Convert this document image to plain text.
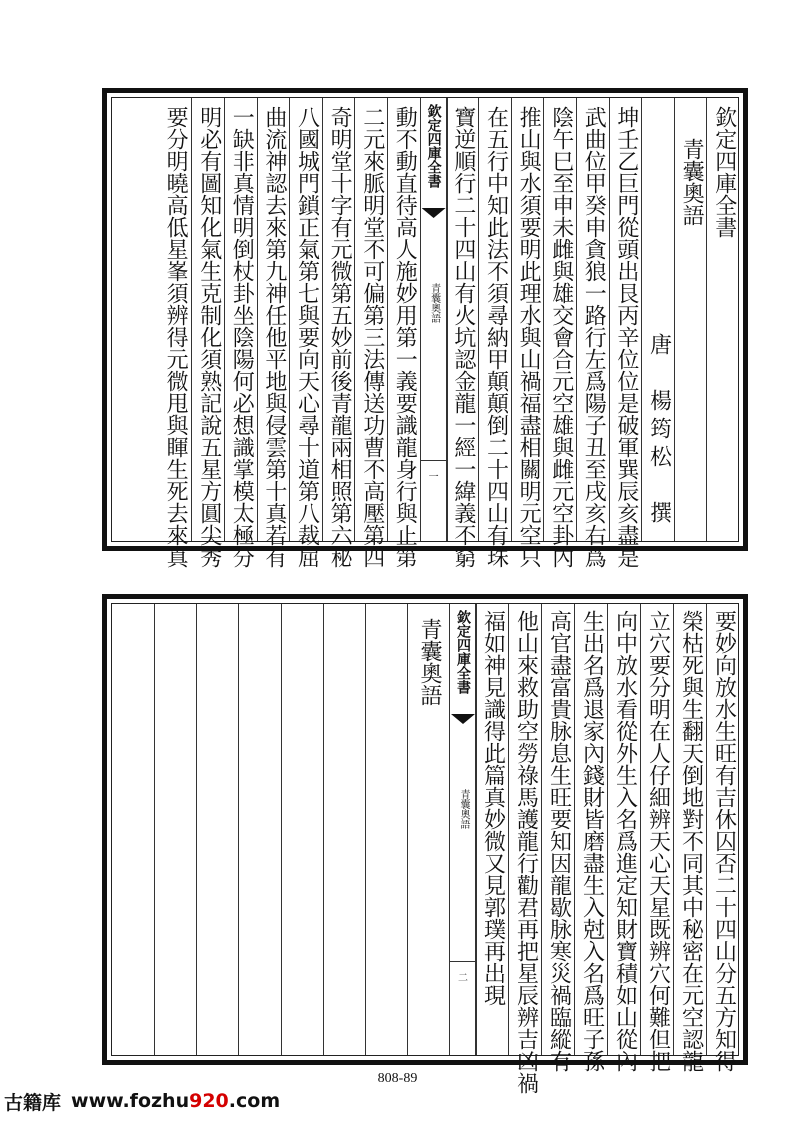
欽定四庫全書
青囊奧語
唐　楊筠松　撰
坤壬乙巨門從頭出艮丙辛位位是破軍巽辰亥盡是
武曲位甲癸申貪狼一路行左爲陽子丑至戌亥右爲
陰午巳至申未雌與雄交會合元空雄與雌元空卦內
推山與水須要明此理水與山禍福盡相關明元空只
在五行中知此法不須尋納甲顛顛倒二十四山有珠
寶逆順行二十四山有火坑認金龍一經一緯義不窮
欽定四庫全書
青囊奧語
一
動不動直待高人施妙用第一義要識龍身行與止第
二元來脈明堂不可偏第三法傳送功曹不高壓第四
奇明堂十字有元微第五妙前後青龍兩相照第六秘
八國城門鎖正氣第七與要向天心尋十道第八裁屈
曲流神認去來第九神任他平地與侵雲第十真若有
一缺非真情明倒杖卦坐陰陽何必想識掌模太極分
明必有圖知化氣生克制化須熟記說五星方圓尖秀
要分明曉高低星峯須辨得元微甩與睴生死去來真
要妙向放水生旺有吉休囚否二十四山分五方知得
榮枯死與生翻天倒地對不同其中秘密在元空認龍
立穴要分明在人仔細辨天心天星既辨穴何難但把
向中放水看從外生入名爲進定知財寶積如山從內
生出名爲退家內錢財皆磨盡生入尅入名爲旺子孫
高官盡富貴脉息生旺要知因龍歇脉寒災禍臨縱有
他山來救助空勞祿馬護龍行勸君再把星辰辨吉凶禍
福如神見識得此篇真妙微又見郭璞再出現
欽定四庫全書
青囊奧語
二
青囊奧語
808-89
古籍库 www.fozhu920.com
